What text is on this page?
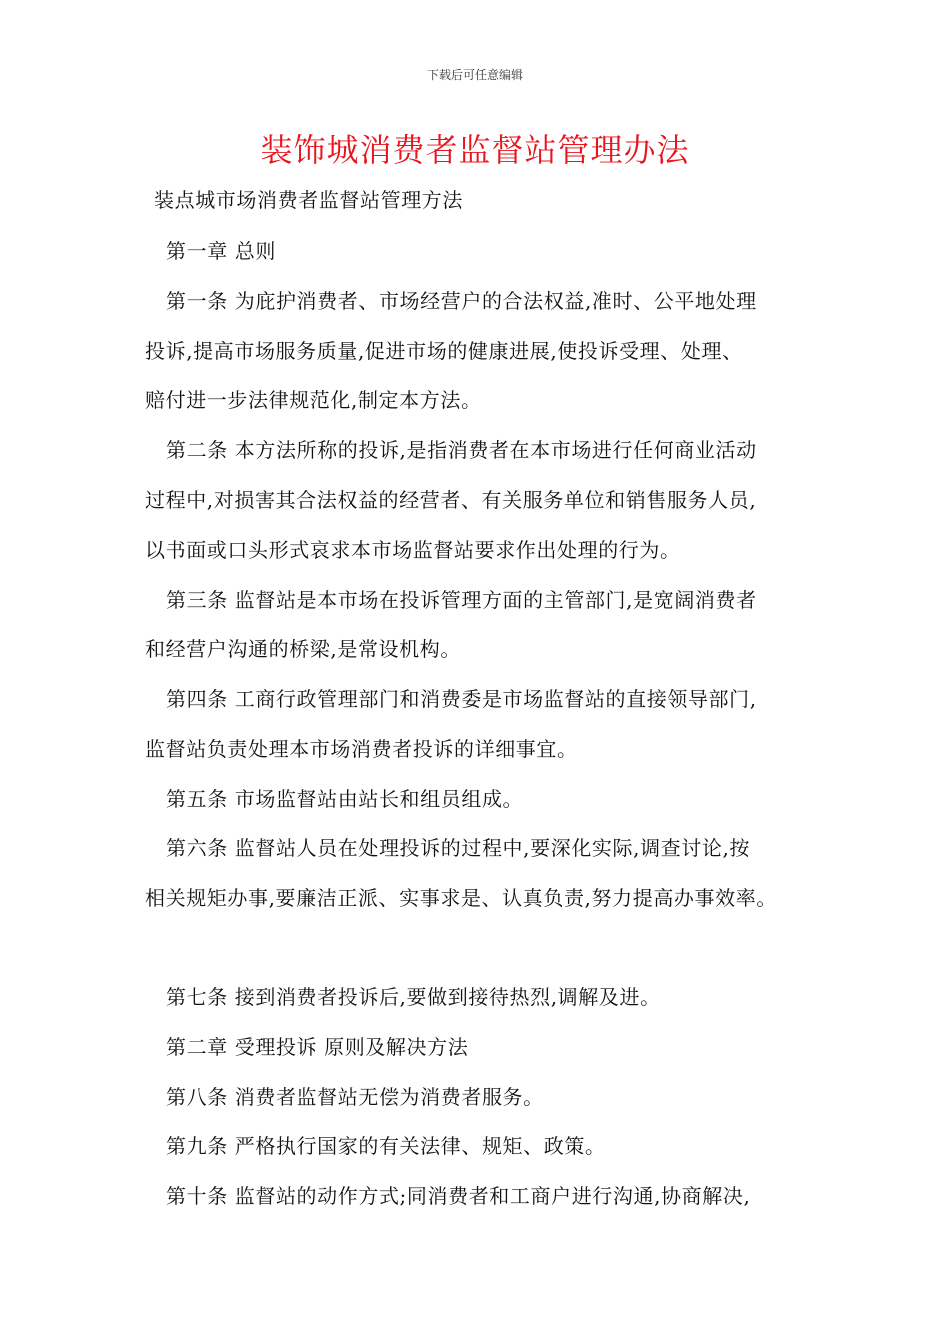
下载后可任意编辑
装饰城消费者监督站管理办法
装点城市场消费者监督站管理方法
第一章 总则
第一条 为庇护消费者、市场经营户的合法权益,准时、公平地处理
投诉,提高市场服务质量,促进市场的健康进展,使投诉受理、处理、
赔付进一步法律规范化,制定本方法。
第二条 本方法所称的投诉,是指消费者在本市场进行任何商业活动
过程中,对损害其合法权益的经营者、有关服务单位和销售服务人员,
以书面或口头形式哀求本市场监督站要求作出处理的行为。
第三条 监督站是本市场在投诉管理方面的主管部门,是宽阔消费者
和经营户沟通的桥梁,是常设机构。
第四条 工商行政管理部门和消费委是市场监督站的直接领导部门,
监督站负责处理本市场消费者投诉的详细事宜。
第五条 市场监督站由站长和组员组成。
第六条 监督站人员在处理投诉的过程中,要深化实际,调查讨论,按
相关规矩办事,要廉洁正派、实事求是、认真负责,努力提高办事效率。
第七条 接到消费者投诉后,要做到接待热烈,调解及进。
第二章 受理投诉 原则及解决方法
第八条 消费者监督站无偿为消费者服务。
第九条 严格执行国家的有关法律、规矩、政策。
第十条 监督站的动作方式;同消费者和工商户进行沟通,协商解决,
